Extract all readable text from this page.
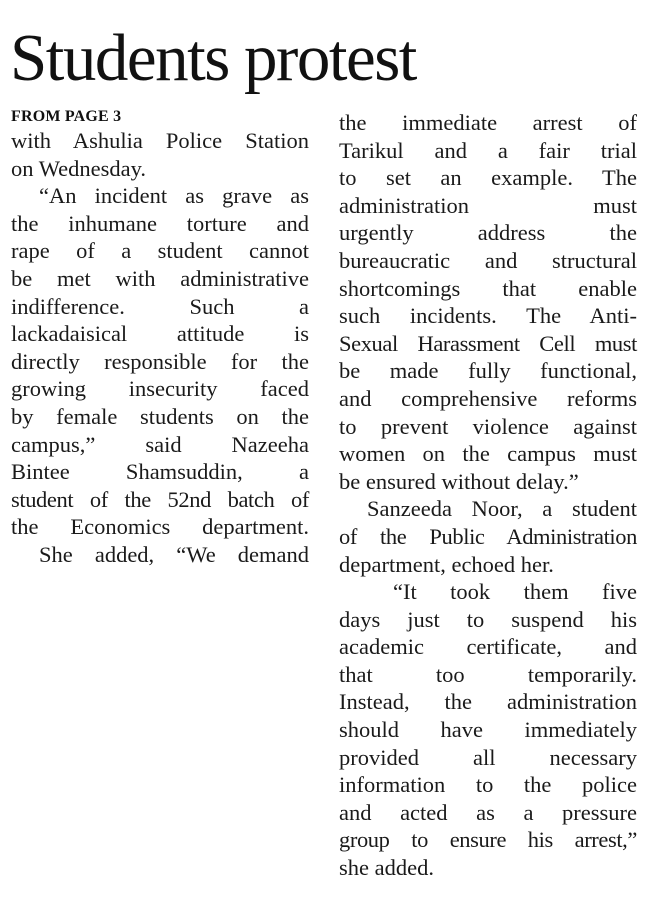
Students protest
FROM PAGE 3
with Ashulia Police Station
on Wednesday.
“An incident as grave as
the inhumane torture and
rape of a student cannot
be met with administrative
indifference. Such a
lackadaisical attitude is
directly responsible for the
growing insecurity faced
by female students on the
campus,” said Nazeeha
Bintee Shamsuddin, a
student of the 52nd batch of
the Economics department.
She added, “We demand
the immediate arrest of
Tarikul and a fair trial
to set an example. The
administration must
urgently address the
bureaucratic and structural
shortcomings that enable
such incidents. The Anti-
Sexual Harassment Cell must
be made fully functional,
and comprehensive reforms
to prevent violence against
women on the campus must
be ensured without delay.”
Sanzeeda Noor, a student
of the Public Administration
department, echoed her.
“It took them five
days just to suspend his
academic certificate, and
that too temporarily.
Instead, the administration
should have immediately
provided all necessary
information to the police
and acted as a pressure
group to ensure his arrest,”
she added.
